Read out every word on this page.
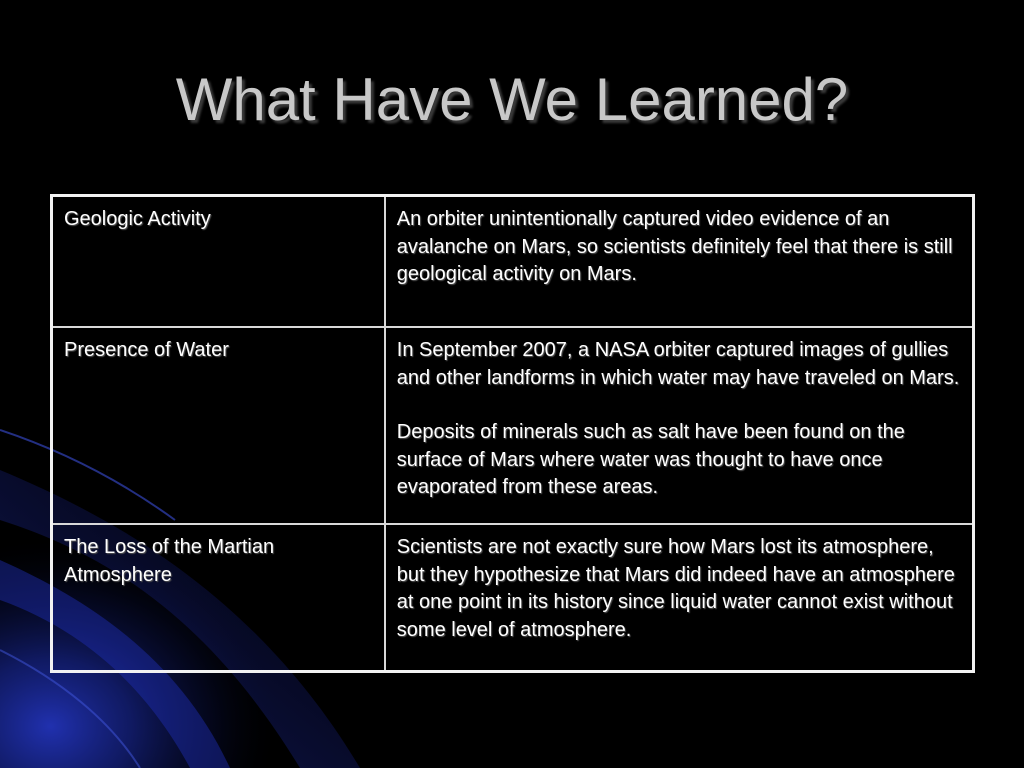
What Have We Learned?
Geologic Activity	An orbiter unintentionally captured video evidence of an avalanche on Mars, so scientists definitely feel that there is still geological activity on Mars.

Presence of Water	In September 2007, a NASA orbiter captured images of gullies and other landforms in which water may have traveled on Mars.
Deposits of minerals such as salt have been found on the surface of Mars where water was thought to have once evaporated from these areas.

The Loss of the Martian Atmosphere	Scientists are not exactly sure how Mars lost its atmosphere, but they hypothesize that Mars did indeed have an atmosphere at one point in its history since liquid water cannot exist without some level of atmosphere.
